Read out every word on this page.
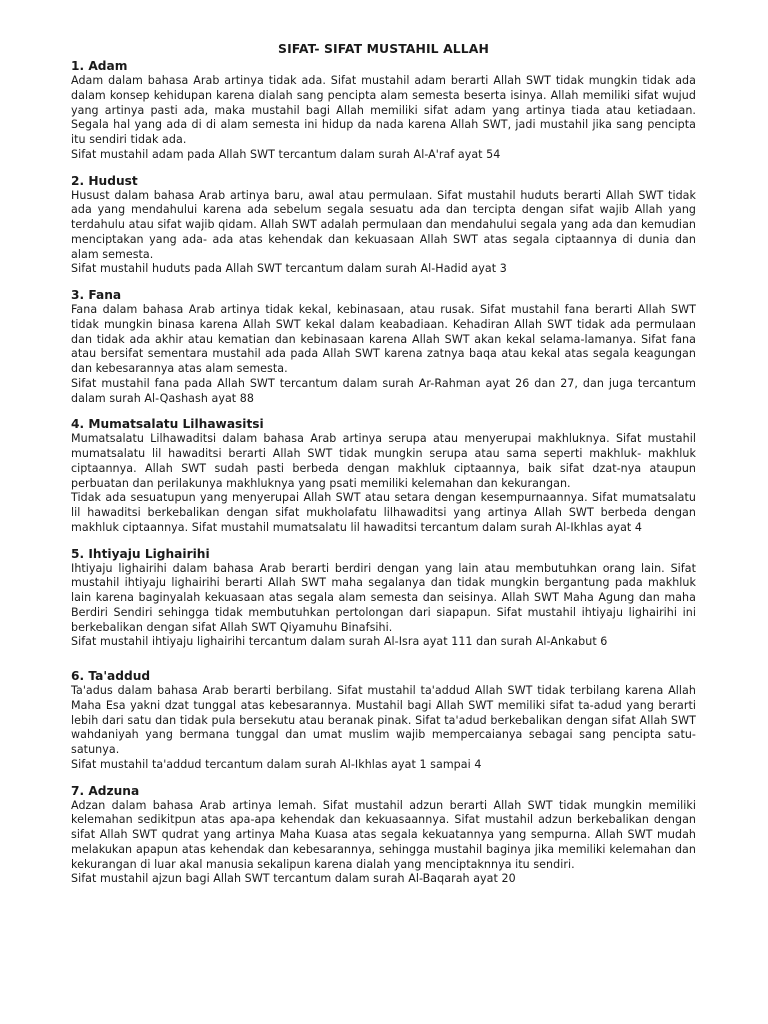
SIFAT- SIFAT MUSTAHIL ALLAH
1. Adam

Adam dalam bahasa Arab artinya tidak ada. Sifat mustahil adam berarti Allah SWT tidak mungkin tidak ada dalam konsep kehidupan karena dialah sang pencipta alam semesta beserta isinya. Allah memiliki sifat wujud yang artinya pasti ada, maka mustahil bagi Allah memiliki sifat adam yang artinya tiada atau ketiadaan. Segala hal yang ada di di alam semesta ini hidup da nada karena Allah SWT, jadi mustahil jika sang pencipta itu sendiri tidak ada.

Sifat mustahil adam pada Allah SWT tercantum dalam surah Al-A'raf ayat 54

2. Hudust

Husust dalam bahasa Arab artinya baru, awal atau permulaan. Sifat mustahil huduts berarti Allah SWT tidak ada yang mendahului karena ada sebelum segala sesuatu ada dan tercipta dengan sifat wajib Allah yang terdahulu atau sifat wajib qidam. Allah SWT adalah permulaan dan mendahului segala yang ada dan kemudian menciptakan yang ada- ada atas kehendak dan kekuasaan Allah SWT atas segala ciptaannya di dunia dan alam semesta.

Sifat mustahil huduts pada Allah SWT tercantum dalam surah Al-Hadid ayat 3

3. Fana

Fana dalam bahasa Arab artinya tidak kekal, kebinasaan, atau rusak. Sifat mustahil fana berarti Allah SWT tidak mungkin binasa karena Allah SWT kekal dalam keabadiaan. Kehadiran Allah SWT tidak ada permulaan dan tidak ada akhir atau kematian dan kebinasaan karena Allah SWT akan kekal selama-lamanya. Sifat fana atau bersifat sementara mustahil ada pada Allah SWT karena zatnya baqa atau kekal atas segala keagungan dan kebesarannya atas alam semesta.

Sifat mustahil fana pada Allah SWT tercantum dalam surah Ar-Rahman ayat 26 dan 27, dan juga tercantum dalam surah Al-Qashash ayat 88

4. Mumatsalatu Lilhawasitsi

Mumatsalatu Lilhawaditsi dalam bahasa Arab artinya serupa atau menyerupai makhluknya. Sifat mustahil mumatsalatu lil hawaditsi berarti Allah SWT tidak mungkin serupa atau sama seperti makhluk- makhluk ciptaannya. Allah SWT sudah pasti berbeda dengan makhluk ciptaannya, baik sifat dzat-nya ataupun perbuatan dan perilakunya makhluknya yang psati memiliki kelemahan dan kekurangan.

Tidak ada sesuatupun yang menyerupai Allah SWT atau setara dengan kesempurnaannya. Sifat mumatsalatu lil hawaditsi berkebalikan dengan sifat mukholafatu lilhawaditsi yang artinya Allah SWT berbeda dengan makhluk ciptaannya. Sifat mustahil mumatsalatu lil hawaditsi tercantum dalam surah Al-Ikhlas ayat 4

5. Ihtiyaju Lighairihi

Ihtiyaju lighairihi dalam bahasa Arab berarti berdiri dengan yang lain atau membutuhkan orang lain. Sifat mustahil ihtiyaju lighairihi berarti Allah SWT maha segalanya dan tidak mungkin bergantung pada makhluk lain karena baginyalah kekuasaan atas segala alam semesta dan seisinya. Allah SWT Maha Agung dan maha Berdiri Sendiri sehingga tidak membutuhkan pertolongan dari siapapun. Sifat mustahil ihtiyaju lighairihi ini berkebalikan dengan sifat Allah SWT Qiyamuhu Binafsihi.

Sifat mustahil ihtiyaju lighairihi tercantum dalam surah Al-Isra ayat 111 dan surah Al-Ankabut 6

6. Ta'addud

Ta'adus dalam bahasa Arab berarti berbilang. Sifat mustahil ta'addud Allah SWT tidak terbilang karena Allah Maha Esa yakni dzat tunggal atas kebesarannya. Mustahil bagi Allah SWT memiliki sifat ta-adud yang berarti lebih dari satu dan tidak pula bersekutu atau beranak pinak. Sifat ta'adud berkebalikan dengan sifat Allah SWT wahdaniyah yang bermana tunggal dan umat muslim wajib mempercaianya sebagai sang pencipta satu- satunya.

Sifat mustahil ta'addud tercantum dalam surah Al-Ikhlas ayat 1 sampai 4

7. Adzuna

Adzan dalam bahasa Arab artinya lemah. Sifat mustahil adzun berarti Allah SWT tidak mungkin memiliki kelemahan sedikitpun atas apa-apa kehendak dan kekuasaannya. Sifat mustahil adzun berkebalikan dengan sifat Allah SWT qudrat yang artinya Maha Kuasa atas segala kekuatannya yang sempurna. Allah SWT mudah melakukan apapun atas kehendak dan kebesarannya, sehingga mustahil baginya jika memiliki kelemahan dan kekurangan di luar akal manusia sekalipun karena dialah yang menciptaknnya itu sendiri.

Sifat mustahil ajzun bagi Allah SWT tercantum dalam surah Al-Baqarah ayat 20
